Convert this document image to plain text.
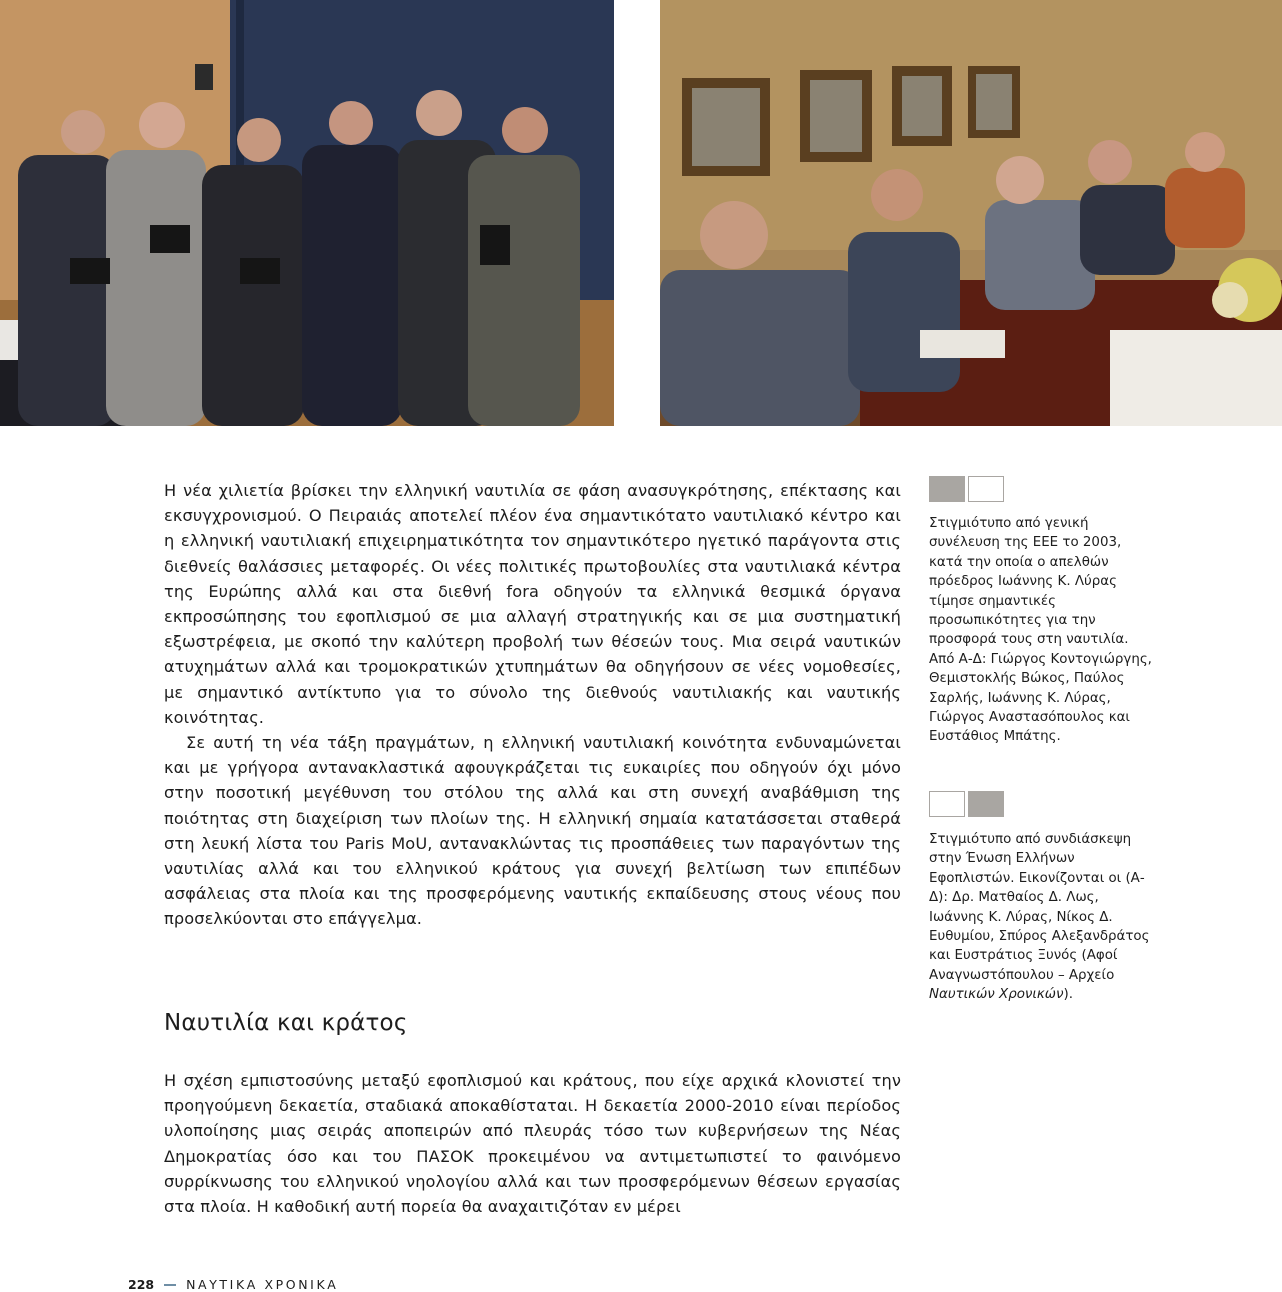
Η νέα χιλιετία βρίσκει την ελληνική ναυτιλία σε φάση ανασυγκρότησης, επέκτασης και εκσυγχρονισμού. Ο Πειραιάς αποτελεί πλέον ένα σημαντικότατο ναυτιλιακό κέντρο και η ελληνική ναυτιλιακή επιχειρηματικότητα τον σημαντικότερο ηγετικό παράγοντα στις διεθνείς θαλάσσιες μεταφορές. Οι νέες πολιτικές πρωτοβουλίες στα ναυτιλιακά κέντρα της Ευρώπης αλλά και στα διεθνή fora οδηγούν τα ελληνικά θεσμικά όργανα εκπροσώπησης του εφοπλισμού σε μια αλλαγή στρατηγικής και σε μια συστηματική εξωστρέφεια, με σκοπό την καλύτερη προβολή των θέσεών τους. Μια σειρά ναυτικών ατυχημάτων αλλά και τρομοκρατικών χτυπημάτων θα οδηγήσουν σε νέες νομοθεσίες, με σημαντικό αντίκτυπο για το σύνολο της διεθνούς ναυτιλιακής και ναυτικής κοινότητας.

Σε αυτή τη νέα τάξη πραγμάτων, η ελληνική ναυτιλιακή κοινότητα ενδυναμώνεται και με γρήγορα αντανακλαστικά αφουγκράζεται τις ευκαιρίες που οδηγούν όχι μόνο στην ποσοτική μεγέθυνση του στόλου της αλλά και στη συνεχή αναβάθμιση της ποιότητας στη διαχείριση των πλοίων της. Η ελληνική σημαία κατατάσσεται σταθερά στη λευκή λίστα του Paris MoU, αντανακλώντας τις προσπάθειες των παραγόντων της ναυτιλίας αλλά και του ελληνικού κράτους για συνεχή βελτίωση των επιπέδων ασφάλειας στα πλοία και της προσφερόμενης ναυτικής εκπαίδευσης στους νέους που προσελκύονται στο επάγγελμα.

Ναυτιλία και κράτος

Η σχέση εμπιστοσύνης μεταξύ εφοπλισμού και κράτους, που είχε αρχικά κλονιστεί την προηγούμενη δεκαετία, σταδιακά αποκαθίσταται. Η δεκαετία 2000-2010 είναι περίοδος υλοποίησης μιας σειράς αποπειρών από πλευράς τόσο των κυβερνήσεων της Νέας Δημοκρατίας όσο και του ΠΑΣΟΚ προκειμένου να αντιμετωπιστεί το φαινόμενο συρρίκνωσης του ελληνικού νηολογίου αλλά και των προσφερόμενων θέσεων εργασίας στα πλοία. Η καθοδική αυτή πορεία θα αναχαιτιζόταν εν μέρει

Στιγμιότυπο από γενική συνέλευση της ΕΕΕ το 2003, κατά την οποία ο απελθών πρόεδρος Ιωάννης Κ. Λύρας τίμησε σημαντικές προσωπικότητες για την προσφορά τους στη ναυτιλία. Από Α-Δ: Γιώργος Κοντογιώργης, Θεμιστοκλής Βώκος, Παύλος Σαρλής, Ιωάννης Κ. Λύρας, Γιώργος Αναστασόπουλος και Ευστάθιος Μπάτης.

Στιγμιότυπο από συνδιάσκεψη στην Ένωση Ελλήνων Εφοπλιστών. Εικονίζονται οι (Α-Δ): Δρ. Ματθαίος Δ. Λως, Ιωάννης Κ. Λύρας, Νίκος Δ. Ευθυμίου, Σπύρος Αλεξανδράτος και Ευστράτιος Ξυνός (Αφοί Αναγνωστόπουλου – Αρχείο Ναυτικών Χρονικών).

228	ΝΑΥΤΙΚΑ ΧΡΟΝΙΚΑ
